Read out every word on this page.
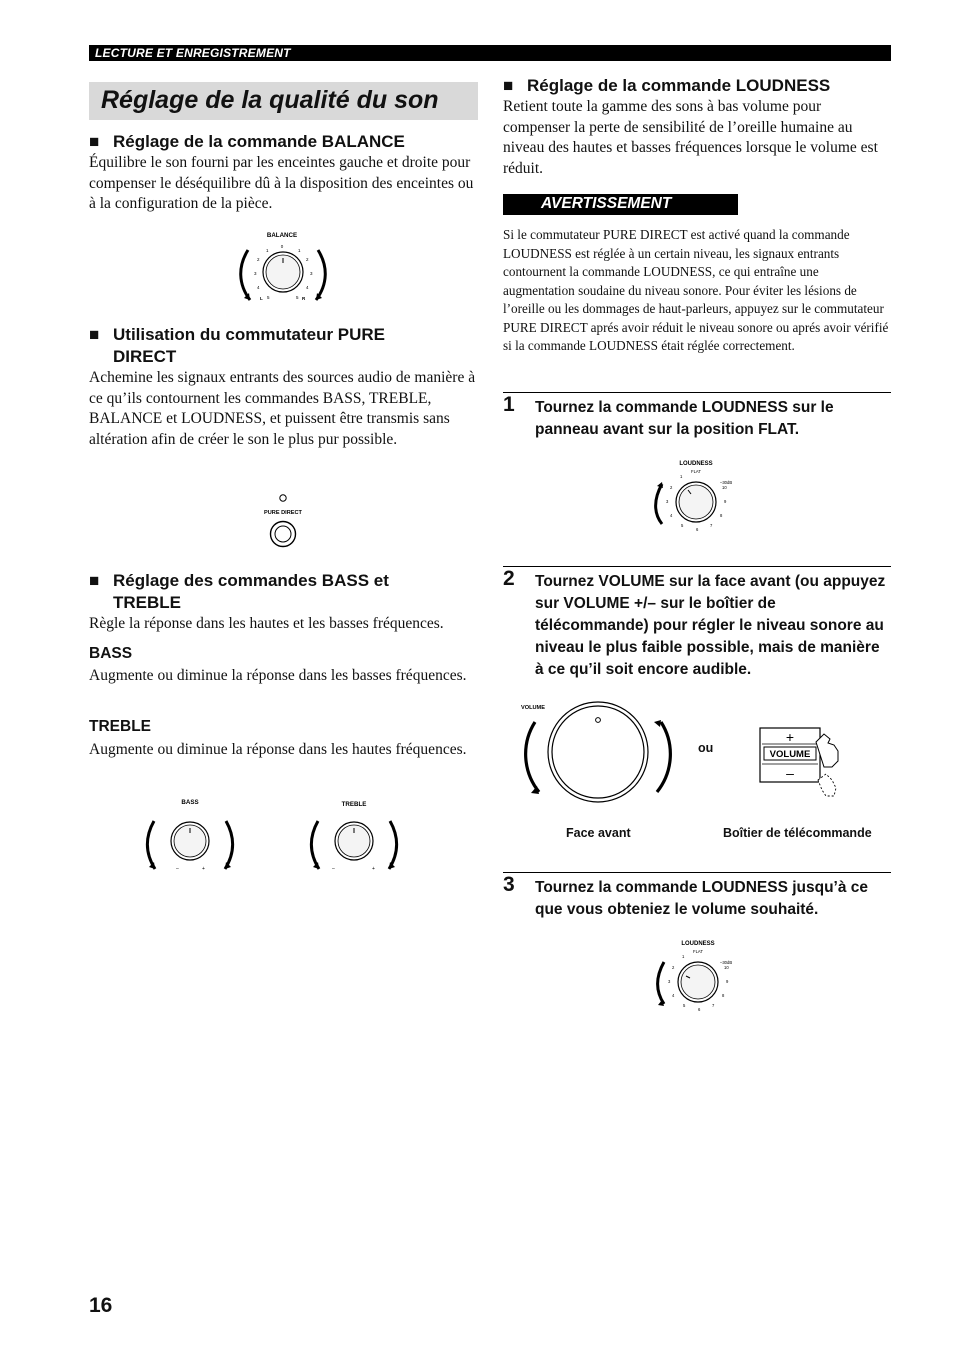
LECTURE ET ENREGISTREMENT
Réglage de la qualité du son
■ Réglage de la commande BALANCE
Équilibre le son fourni par les enceintes gauche et droite pour compenser le déséquilibre dû à la disposition des enceintes ou à la configuration de la pièce.
BALANCE
0
1	1
2	2
3	3
4	4
5	5
L	R
■ Utilisation du commutateur PURE
DIRECT
Achemine les signaux entrants des sources audio de manière à ce qu’ils contournent les commandes BASS, TREBLE, BALANCE et LOUDNESS, et puissent être transmis sans altération afin de créer le son le plus pur possible.
PURE DIRECT
■ Réglage des commandes BASS et
TREBLE
Règle la réponse dans les hautes et les basses fréquences.
BASS
Augmente ou diminue la réponse dans les basses fréquences.
TREBLE
Augmente ou diminue la réponse dans les hautes fréquences.
BASS
–	+
TREBLE
–	+
■ Réglage de la commande LOUDNESS
Retient toute la gamme des sons à bas volume pour compenser la perte de sensibilité de l’oreille humaine au niveau des hautes et basses fréquences lorsque le volume est réduit.
AVERTISSEMENT
Si le commutateur PURE DIRECT est activé quand la commande LOUDNESS est réglée à un certain niveau, les signaux entrants contournent la commande LOUDNESS, ce qui entraîne une augmentation soudaine du niveau sonore. Pour éviter les lésions de l’oreille ou les dommages de haut-parleurs, appuyez sur le commutateur PURE DIRECT aprés avoir réduit le niveau sonore ou aprés avoir vérifié si la commande LOUDNESS était réglée correctement.
1 Tournez la commande LOUDNESS sur le panneau avant sur la position FLAT.
LOUDNESS
FLAT
–30dB
1
2
3
4
5
6
7
8
9
10
2 Tournez VOLUME sur la face avant (ou appuyez sur VOLUME +/– sur le boîtier de télécommande) pour régler le niveau sonore au niveau le plus faible possible, mais de manière à ce qu’il soit encore audible.
VOLUME
ou
+
VOLUME
–
Face avant	Boîtier de télécommande
3 Tournez la commande LOUDNESS jusqu’à ce que vous obteniez le volume souhaité.
LOUDNESS
FLAT
–30dB
1
2
3
4
5
6
7
8
9
10
16
